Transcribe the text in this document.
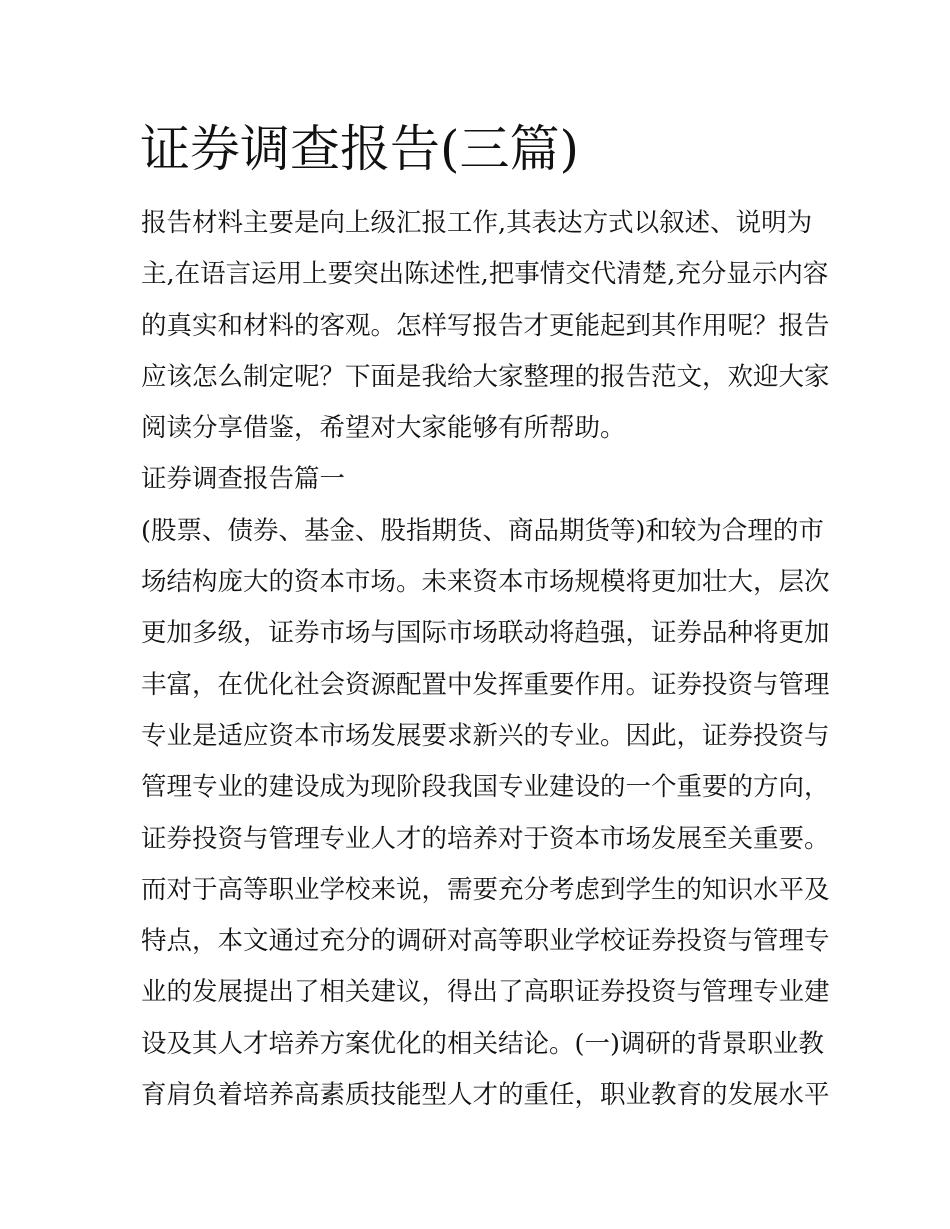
证券调查报告(三篇)
报告材料主要是向上级汇报工作,其表达方式以叙述、说明为
主,在语言运用上要突出陈述性,把事情交代清楚,充分显示内容
的真实和材料的客观。怎样写报告才更能起到其作用呢？报告
应该怎么制定呢？下面是我给大家整理的报告范文，欢迎大家
阅读分享借鉴，希望对大家能够有所帮助。
证券调查报告篇一
(股票、债券、基金、股指期货、商品期货等)和较为合理的市
场结构庞大的资本市场。未来资本市场规模将更加壮大，层次
更加多级，证券市场与国际市场联动将趋强，证券品种将更加
丰富，在优化社会资源配置中发挥重要作用。证券投资与管理
专业是适应资本市场发展要求新兴的专业。因此，证券投资与
管理专业的建设成为现阶段我国专业建设的一个重要的方向，
证券投资与管理专业人才的培养对于资本市场发展至关重要。
而对于高等职业学校来说，需要充分考虑到学生的知识水平及
特点，本文通过充分的调研对高等职业学校证券投资与管理专
业的发展提出了相关建议，得出了高职证券投资与管理专业建
设及其人才培养方案优化的相关结论。(一)调研的背景职业教
育肩负着培养高素质技能型人才的重任，职业教育的发展水平
